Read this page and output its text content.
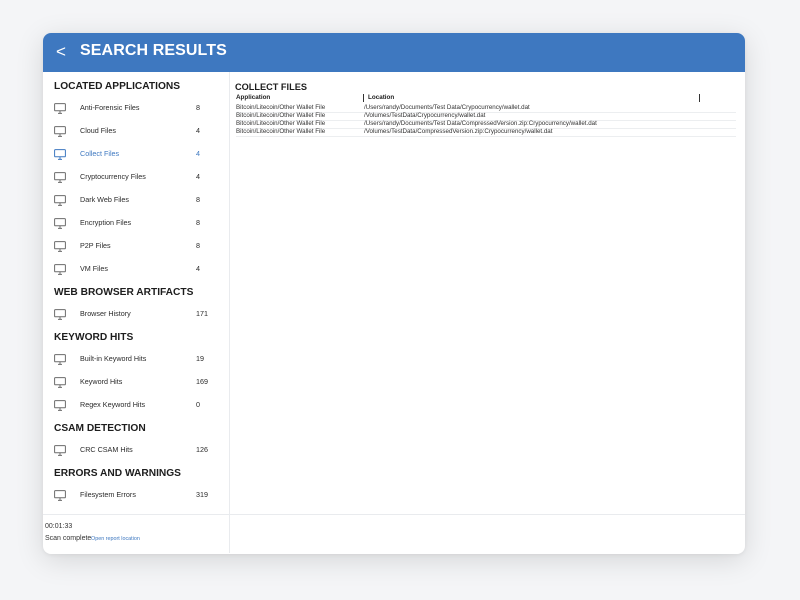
< SEARCH RESULTS
LOCATED APPLICATIONS
Anti-Forensic Files	8
Cloud Files	4
Collect Files	4
Cryptocurrency Files	4
Dark Web Files	8
Encryption Files	8
P2P Files	8
VM Files	4
WEB BROWSER ARTIFACTS
Browser History	171
KEYWORD HITS
Built-in Keyword Hits	19
Keyword Hits	169
Regex Keyword Hits	0
CSAM DETECTION
CRC CSAM Hits	126
ERRORS AND WARNINGS
Filesystem Errors	319
COLLECT FILES
Application	Location
Bitcoin/Litecoin/Other Wallet File	/Users/randy/Documents/Test Data/Crypocurrency/wallet.dat
Bitcoin/Litecoin/Other Wallet File	/Volumes/TestData/Crypocurrency/wallet.dat
Bitcoin/Litecoin/Other Wallet File	/Users/randy/Documents/Test Data/CompressedVersion.zip:Crypocurrency/wallet.dat
Bitcoin/Litecoin/Other Wallet File	/Volumes/TestData/CompressedVersion.zip:Crypocurrency/wallet.dat
00:01:33
Scan complete Open report location
